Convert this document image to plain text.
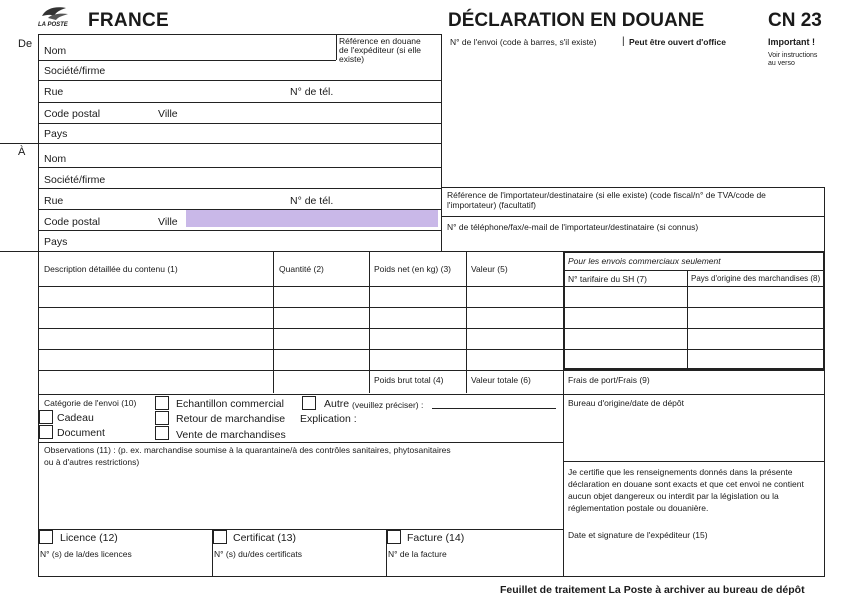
LA POSTE FRANCE	DÉCLARATION EN DOUANE	CN 23
Important !
Voir instructions
au verso
N° de l'envoi (code à barres, s'il existe)	| Peut être ouvert d'office
De
Nom
Référence en douane
de l'expéditeur (si elle
existe)
Société/firme
Rue	N° de tél.
Code postal	Ville
Pays
À
Nom
Société/firme
Rue	N° de tél.
Code postal	Ville
Pays
Référence de l'importateur/destinataire (si elle existe) (code fiscal/n° de TVA/code de
l'importateur) (facultatif)
N° de téléphone/fax/e-mail de l'importateur/destinataire (si connus)
Description détaillée du contenu (1)	Quantité (2)	Poids net (en kg) (3) Valeur (5)
Pour les envois commerciaux seulement
N° tarifaire du SH (7)	Pays d'origine des marchandises (8)
Poids brut total (4)	Valeur totale (6)	Frais de port/Frais (9)
Catégorie de l'envoi (10)
Cadeau
Document
Echantillon commercial
Retour de marchandise
Vente de marchandises
Autre (veuillez préciser) :
Explication :
Bureau d'origine/date de dépôt
Observations (11) : (p. ex. marchandise soumise à la quarantaine/à des contrôles sanitaires, phytosanitaires
ou à d'autres restrictions)
Je certifie que les renseignements donnés dans la présente
déclaration en douane sont exacts et que cet envoi ne contient
aucun objet dangereux ou interdit par la législation ou la
réglementation postale ou douanière.
Date et signature de l'expéditeur (15)
Licence (12)
N° (s) de la/des licences
Certificat (13)
N° (s) du/des certificats
Facture (14)
N° de la facture
Feuillet de traitement La Poste à archiver au bureau de dépôt
